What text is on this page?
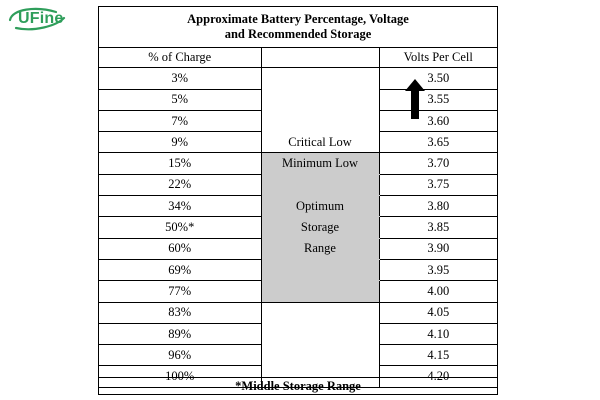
UFine	Approximate Battery Percentage, Voltage
and Recommended Storage
% of Charge		Volts Per Cell
3%		3.50
5%		3.55
7%		3.60
9%	Critical Low	3.65
15%	Minimum Low	3.70
22%		3.75
34%	Optimum	3.80
50%*	Storage	3.85
60%	Range	3.90
69%		3.95
77%		4.00
83%		4.05
89%		4.10
96%		4.15
100%		4.20
*Middle Storage Range
